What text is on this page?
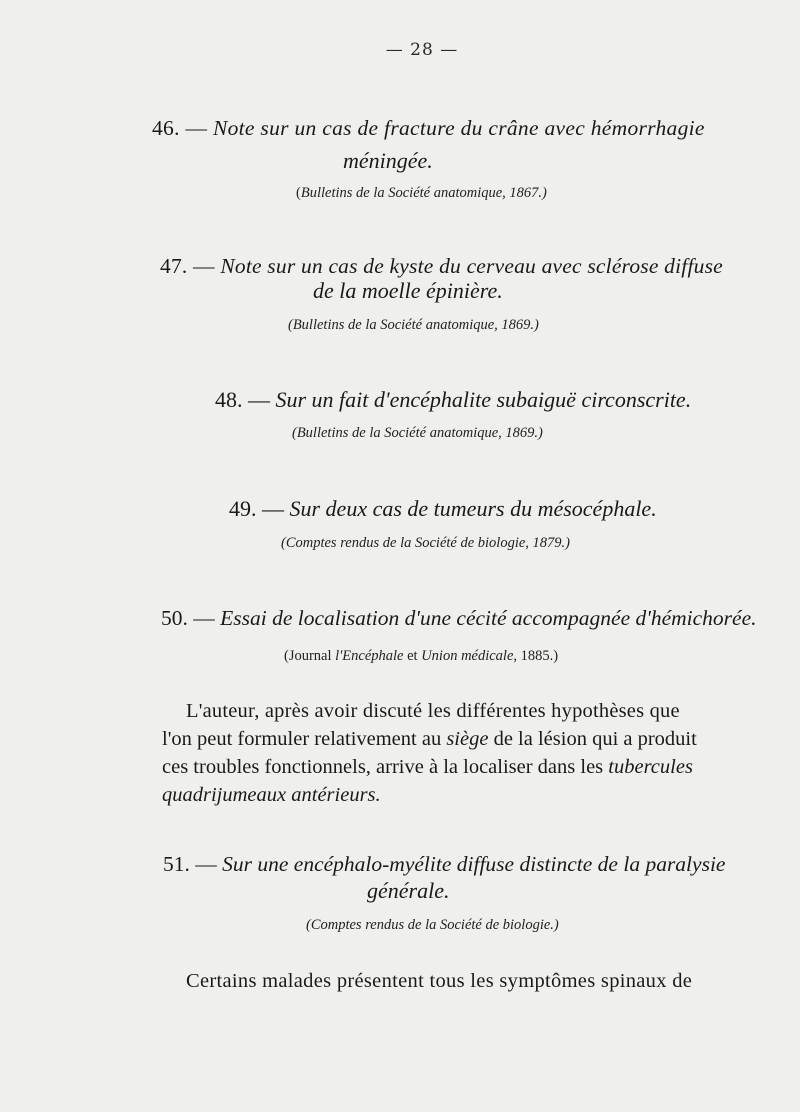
— 28 —
46. — Note sur un cas de fracture du crâne avec hémorrhagie
méningée.
(Bulletins de la Société anatomique, 1867.)
47. — Note sur un cas de kyste du cerveau avec sclérose diffuse
de la moelle épinière.
(Bulletins de la Société anatomique, 1869.)
48. — Sur un fait d'encéphalite subaiguë circonscrite.
(Bulletins de la Société anatomique, 1869.)
49. — Sur deux cas de tumeurs du mésocéphale.
(Comptes rendus de la Société de biologie, 1879.)
50. — Essai de localisation d'une cécité accompagnée d'hémichorée.
(Journal l'Encéphale et Union médicale, 1885.)
L'auteur, après avoir discuté les différentes hypothèses que
l'on peut formuler relativement au siège de la lésion qui a produit
ces troubles fonctionnels, arrive à la localiser dans les tubercules
quadrijumeaux antérieurs.
51. — Sur une encéphalo-myélite diffuse distincte de la paralysie
générale.
(Comptes rendus de la Société de biologie.)
Certains malades présentent tous les symptômes spinaux de
